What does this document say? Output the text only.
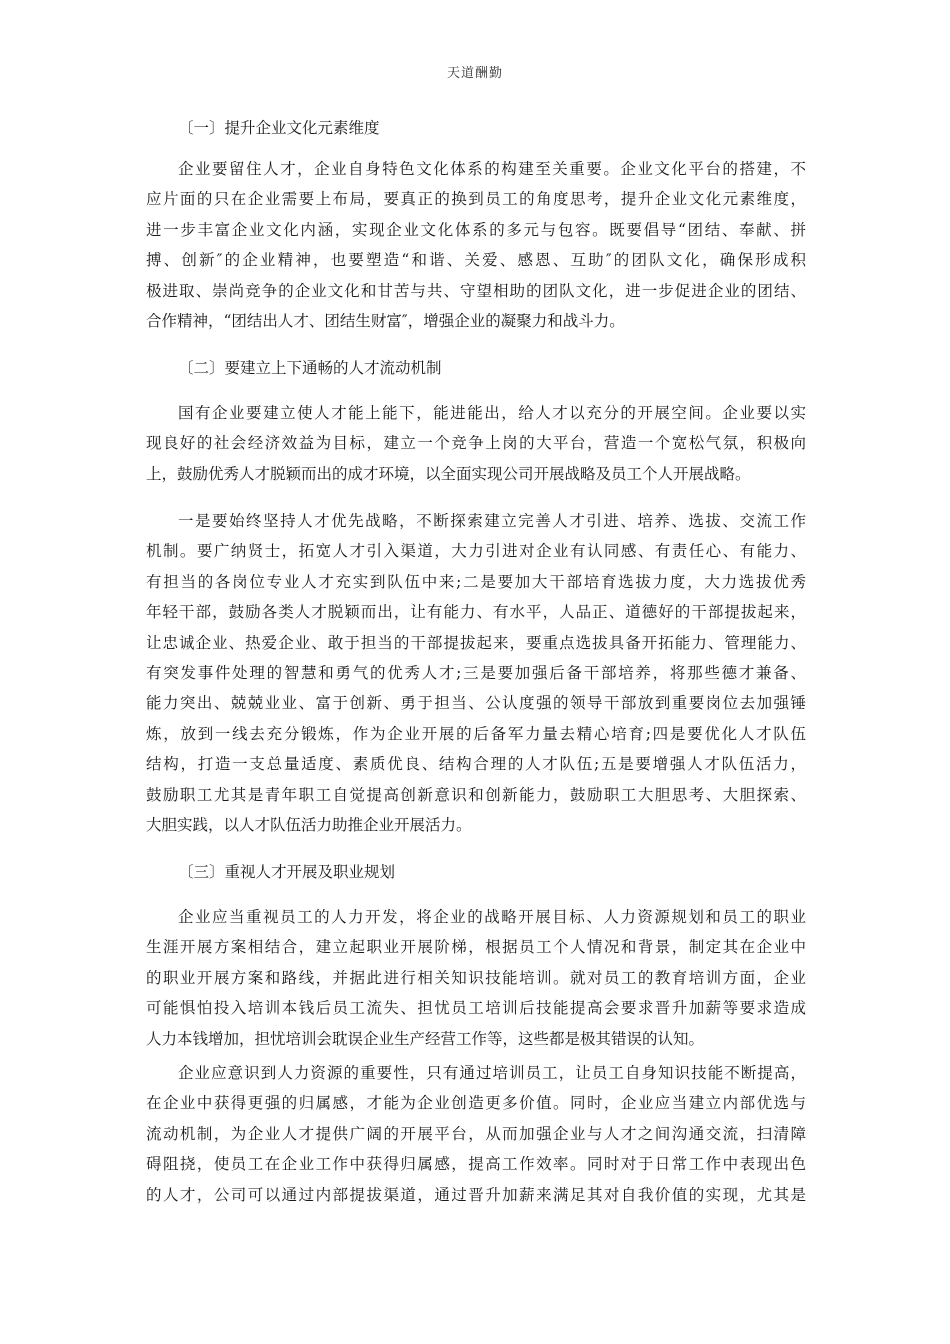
天道酬勤
〔一〕提升企业文化元素维度
企业要留住人才，企业自身特色文化体系的构建至关重要。企业文化平台的搭建，不
应片面的只在企业需要上布局，要真正的换到员工的角度思考，提升企业文化元素维度，
进一步丰富企业文化内涵，实现企业文化体系的多元与包容。既要倡导“团结、奉献、拼
搏、创新″的企业精神，也要塑造“和谐、关爱、感恩、互助″的团队文化，确保形成积
极进取、崇尚竞争的企业文化和甘苦与共、守望相助的团队文化，进一步促进企业的团结、
合作精神，“团结出人才、团结生财富″，增强企业的凝聚力和战斗力。
〔二〕要建立上下通畅的人才流动机制
国有企业要建立使人才能上能下，能进能出，给人才以充分的开展空间。企业要以实
现良好的社会经济效益为目标，建立一个竞争上岗的大平台，营造一个宽松气氛，积极向
上，鼓励优秀人才脱颖而出的成才环境，以全面实现公司开展战略及员工个人开展战略。
一是要始终坚持人才优先战略，不断探索建立完善人才引进、培养、选拔、交流工作
机制。要广纳贤士，拓宽人才引入渠道，大力引进对企业有认同感、有责任心、有能力、
有担当的各岗位专业人才充实到队伍中来;二是要加大干部培育选拔力度，大力选拔优秀
年轻干部，鼓励各类人才脱颖而出，让有能力、有水平，人品正、道德好的干部提拔起来，
让忠诚企业、热爱企业、敢于担当的干部提拔起来，要重点选拔具备开拓能力、管理能力、
有突发事件处理的智慧和勇气的优秀人才;三是要加强后备干部培养，将那些德才兼备、
能力突出、兢兢业业、富于创新、勇于担当、公认度强的领导干部放到重要岗位去加强锤
炼，放到一线去充分锻炼，作为企业开展的后备军力量去精心培育;四是要优化人才队伍
结构，打造一支总量适度、素质优良、结构合理的人才队伍;五是要增强人才队伍活力，
鼓励职工尤其是青年职工自觉提高创新意识和创新能力，鼓励职工大胆思考、大胆探索、
大胆实践，以人才队伍活力助推企业开展活力。
〔三〕重视人才开展及职业规划
企业应当重视员工的人力开发，将企业的战略开展目标、人力资源规划和员工的职业
生涯开展方案相结合，建立起职业开展阶梯，根据员工个人情况和背景，制定其在企业中
的职业开展方案和路线，并据此进行相关知识技能培训。就对员工的教育培训方面，企业
可能惧怕投入培训本钱后员工流失、担忧员工培训后技能提高会要求晋升加薪等要求造成
人力本钱增加，担忧培训会耽误企业生产经营工作等，这些都是极其错误的认知。
企业应意识到人力资源的重要性，只有通过培训员工，让员工自身知识技能不断提高，
在企业中获得更强的归属感，才能为企业创造更多价值。同时，企业应当建立内部优选与
流动机制，为企业人才提供广阔的开展平台，从而加强企业与人才之间沟通交流，扫清障
碍阻挠，使员工在企业工作中获得归属感，提高工作效率。同时对于日常工作中表现出色
的人才，公司可以通过内部提拔渠道，通过晋升加薪来满足其对自我价值的实现，尤其是
